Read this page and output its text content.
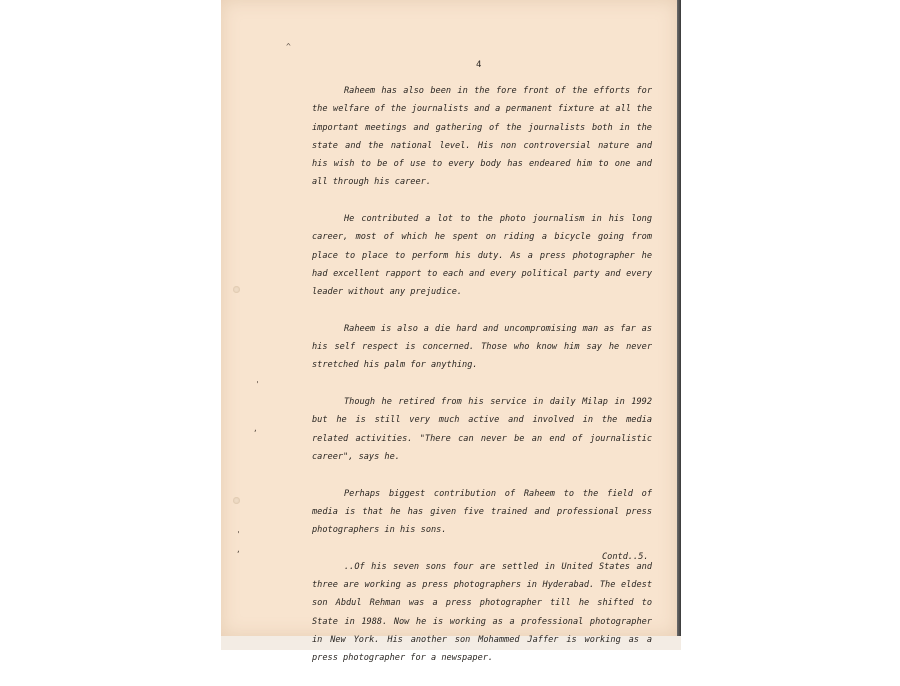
^
'
,
'
,
4

Raheem has also been in the fore front of the efforts for the welfare of the journalists and a permanent fixture at all the important meetings and gathering of the journalists both in the state and the national level. His non controversial nature and his wish to be of use to every body has endeared him to one and all through his career.

He contributed a lot to the photo journalism in his long career, most of which he spent on riding a bicycle going from place to place to perform his duty. As a press photographer he had excellent rapport to each and every political party and every leader without any prejudice.

Raheem is also a die hard and uncompromising man as far as his self respect is concerned. Those who know him say he never stretched his palm for anything.

Though he retired from his service in daily Milap in 1992 but he is still very much active and involved in the media related activities. "There can never be an end of journalistic career", says he.

Perhaps biggest contribution of Raheem to the field of media is that he has given five trained and professional press photographers in his sons.

..Of his seven sons four are settled in United States and three are working as press photographers in Hyderabad. The eldest son Abdul Rehman was a press photographer till he shifted to State in 1988. Now he is working as a professional photographer in New York. His another son Mohammed Jaffer is working as a press photographer for a newspaper.

Contd..5.
